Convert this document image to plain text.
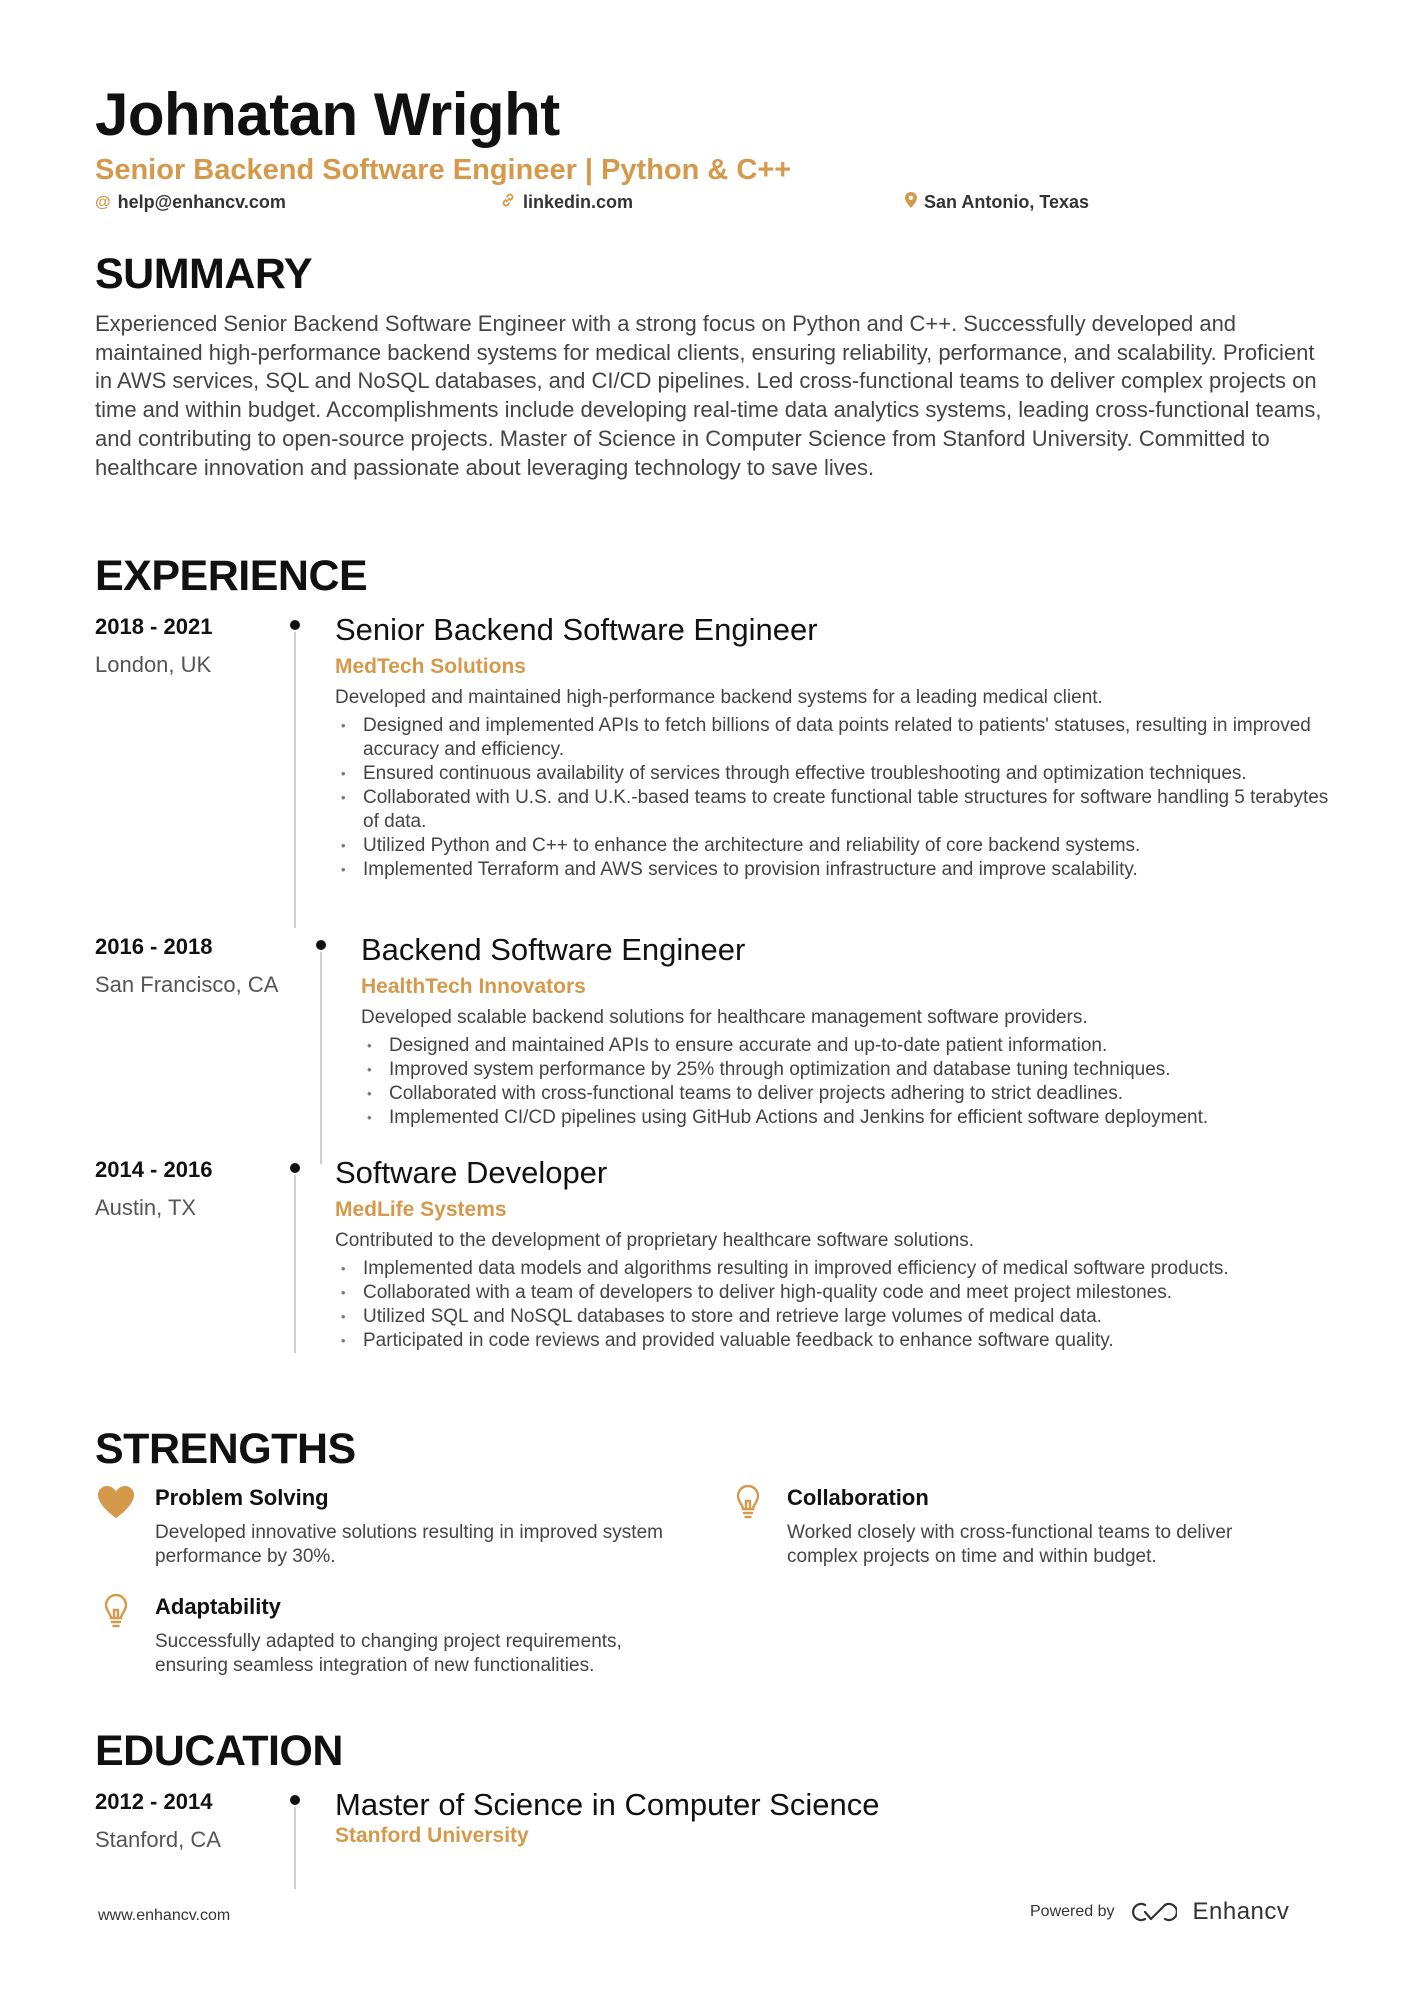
Johnatan Wright
Senior Backend Software Engineer | Python & C++
@ help@enhancv.com	linkedin.com	San Antonio, Texas
SUMMARY
Experienced Senior Backend Software Engineer with a strong focus on Python and C++. Successfully developed and maintained high-performance backend systems for medical clients, ensuring reliability, performance, and scalability. Proficient in AWS services, SQL and NoSQL databases, and CI/CD pipelines. Led cross-functional teams to deliver complex projects on time and within budget. Accomplishments include developing real-time data analytics systems, leading cross-functional teams, and contributing to open-source projects. Master of Science in Computer Science from Stanford University. Committed to healthcare innovation and passionate about leveraging technology to save lives.
EXPERIENCE
2018 - 2021
London, UK
Senior Backend Software Engineer
MedTech Solutions
Developed and maintained high-performance backend systems for a leading medical client.
• Designed and implemented APIs to fetch billions of data points related to patients' statuses, resulting in improved accuracy and efficiency.
• Ensured continuous availability of services through effective troubleshooting and optimization techniques.
• Collaborated with U.S. and U.K.-based teams to create functional table structures for software handling 5 terabytes of data.
• Utilized Python and C++ to enhance the architecture and reliability of core backend systems.
• Implemented Terraform and AWS services to provision infrastructure and improve scalability.
2016 - 2018
San Francisco, CA
Backend Software Engineer
HealthTech Innovators
Developed scalable backend solutions for healthcare management software providers.
• Designed and maintained APIs to ensure accurate and up-to-date patient information.
• Improved system performance by 25% through optimization and database tuning techniques.
• Collaborated with cross-functional teams to deliver projects adhering to strict deadlines.
• Implemented CI/CD pipelines using GitHub Actions and Jenkins for efficient software deployment.
2014 - 2016
Austin, TX
Software Developer
MedLife Systems
Contributed to the development of proprietary healthcare software solutions.
• Implemented data models and algorithms resulting in improved efficiency of medical software products.
• Collaborated with a team of developers to deliver high-quality code and meet project milestones.
• Utilized SQL and NoSQL databases to store and retrieve large volumes of medical data.
• Participated in code reviews and provided valuable feedback to enhance software quality.
STRENGTHS
Problem Solving
Developed innovative solutions resulting in improved system performance by 30%.
Collaboration
Worked closely with cross-functional teams to deliver complex projects on time and within budget.
Adaptability
Successfully adapted to changing project requirements, ensuring seamless integration of new functionalities.
EDUCATION
2012 - 2014
Stanford, CA
Master of Science in Computer Science
Stanford University
www.enhancv.com	Powered by	Enhancv
